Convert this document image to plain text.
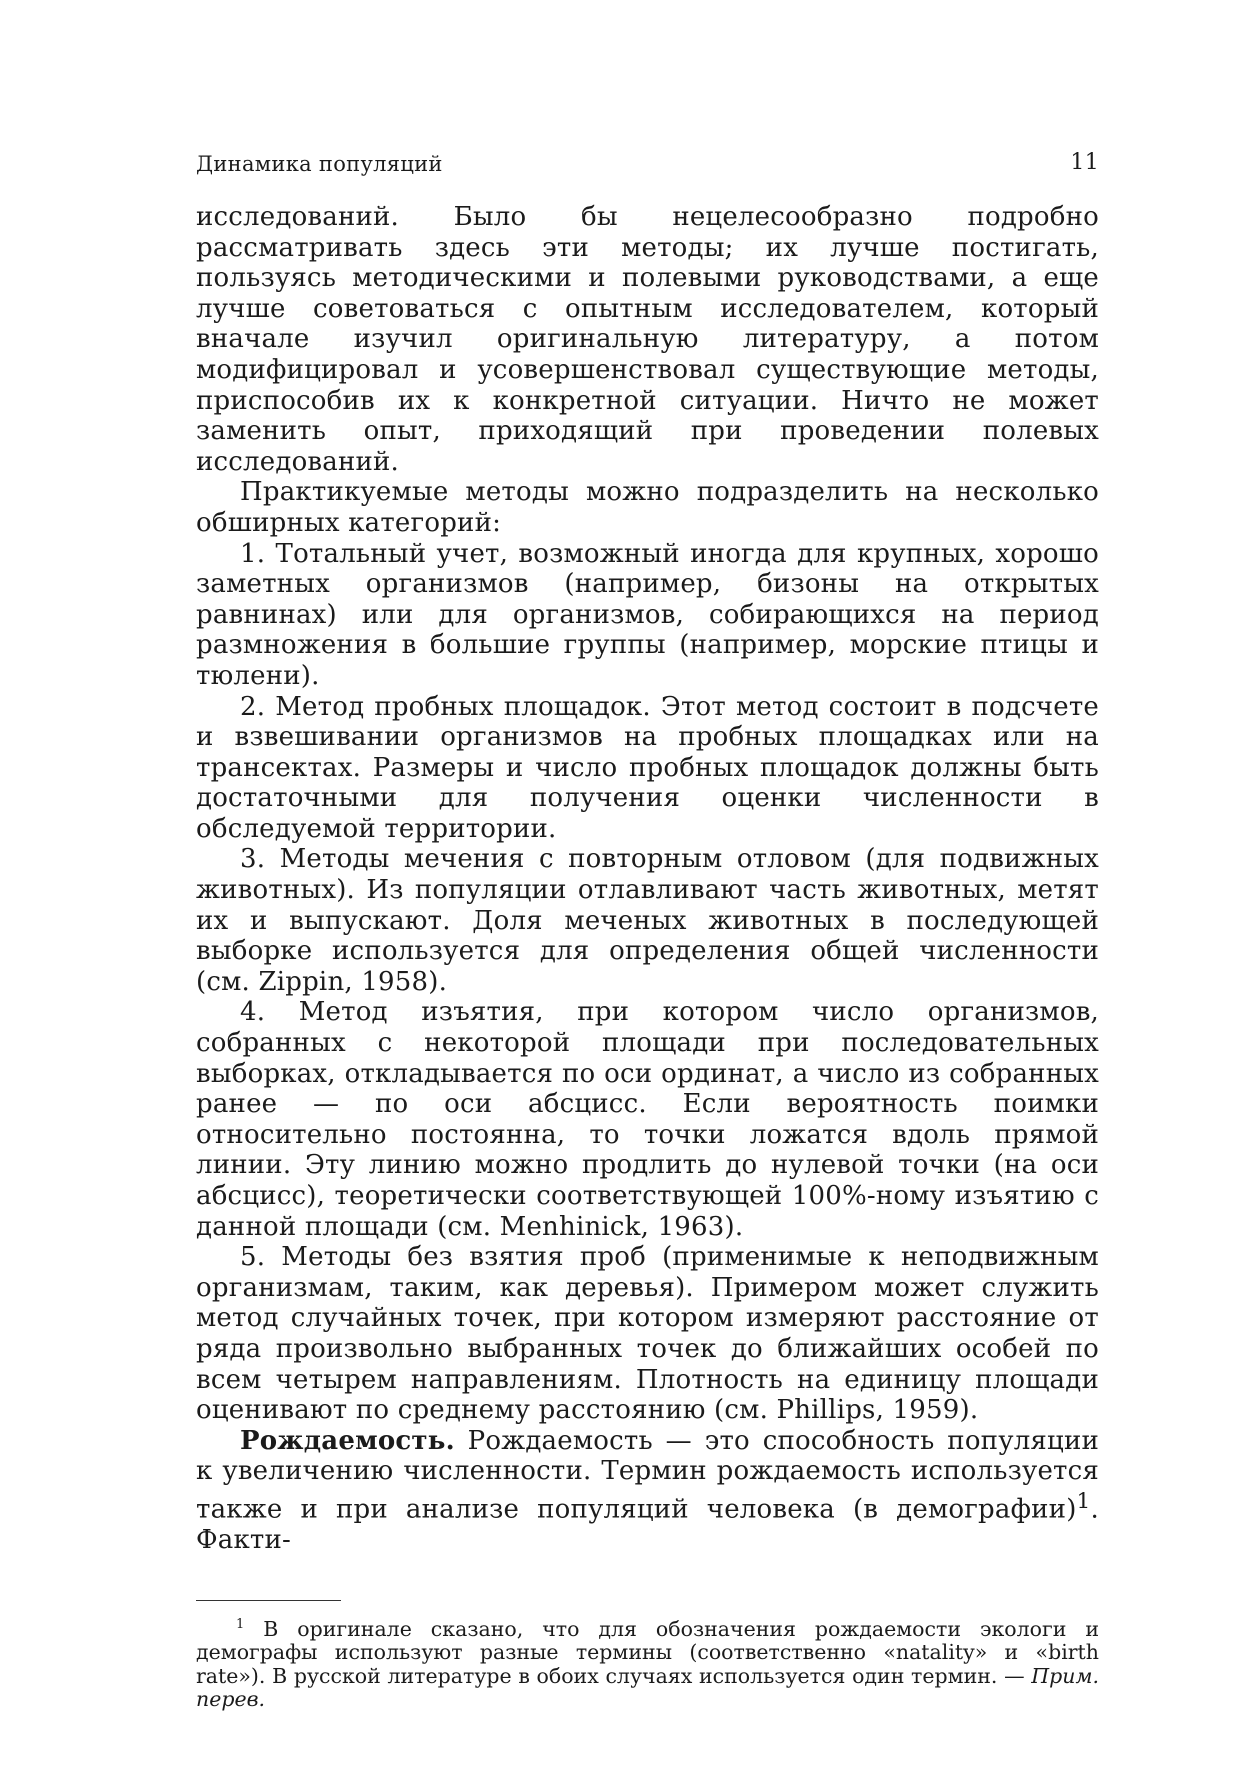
Динамика популяций	11

исследований. Было бы нецелесообразно подробно рассматривать здесь эти методы; их лучше постигать, пользуясь методическими и полевыми руководствами, а еще лучше советоваться с опытным исследователем, который вначале изучил оригинальную литературу, а потом модифицировал и усовершенствовал существующие методы, приспособив их к конкретной ситуации. Ничто не может заменить опыт, приходящий при проведении полевых исследований.

Практикуемые методы можно подразделить на несколько обширных категорий:

1. Тотальный учет, возможный иногда для крупных, хорошо заметных организмов (например, бизоны на открытых равнинах) или для организмов, собирающихся на период размножения в большие группы (например, морские птицы и тюлени).

2. Метод пробных площадок. Этот метод состоит в подсчете и взвешивании организмов на пробных площадках или на трансектах. Размеры и число пробных площадок должны быть достаточными для получения оценки численности в обследуемой территории.

3. Методы мечения с повторным отловом (для подвижных животных). Из популяции отлавливают часть животных, метят их и выпускают. Доля меченых животных в последующей выборке используется для определения общей численности (см. Zippin, 1958).

4. Метод изъятия, при котором число организмов, собранных с некоторой площади при последовательных выборках, откладывается по оси ординат, а число из собранных ранее — по оси абсцисс. Если вероятность поимки относительно постоянна, то точки ложатся вдоль прямой линии. Эту линию можно продлить до нулевой точки (на оси абсцисс), теоретически соответствующей 100%-ному изъятию с данной площади (см. Menhinick, 1963).

5. Методы без взятия проб (применимые к неподвижным организмам, таким, как деревья). Примером может служить метод случайных точек, при котором измеряют расстояние от ряда произвольно выбранных точек до ближайших особей по всем четырем направлениям. Плотность на единицу площади оценивают по среднему расстоянию (см. Phillips, 1959).

Рождаемость. Рождаемость — это способность популяции к увеличению численности. Термин рождаемость используется также и при анализе популяций человека (в демографии)$^1$. Факти-

$^1$ В оригинале сказано, что для обозначения рождаемости экологи и демографы используют разные термины (соответственно «natality» и «birth rate»). В русской литературе в обоих случаях используется один термин. — Прим. перев.
